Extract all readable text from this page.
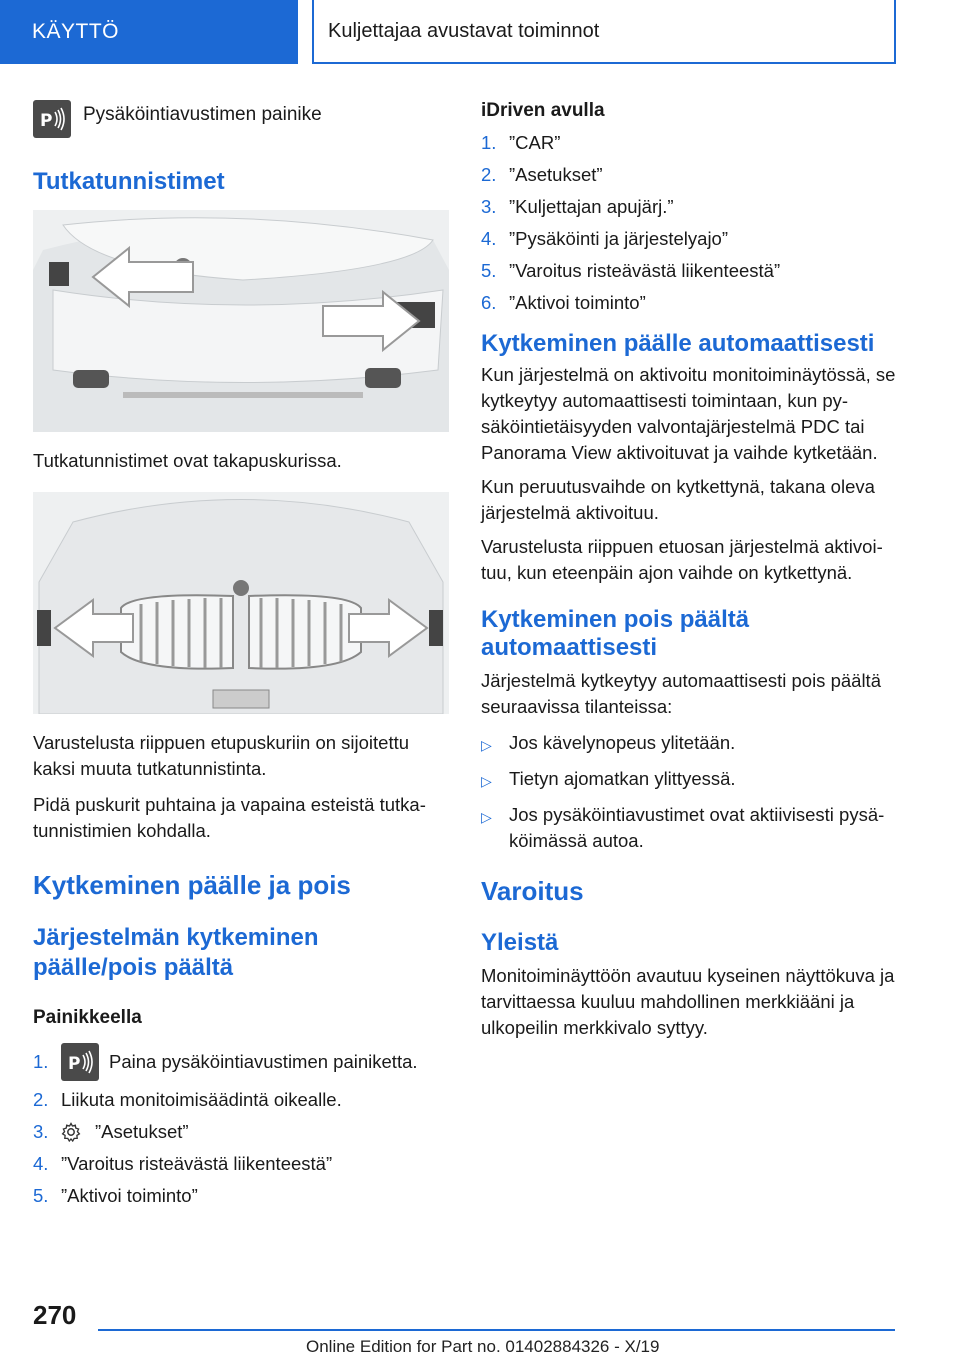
KÄYTTÖ	Kuljettajaa avustavat toiminnot
P Pysäköintiavustimen painike
Tutkatunnistimet

Tutkatunnistimet ovat takapuskurissa.

Varustelusta riippuen etupuskuriin on sijoitettu kaksi muuta tutkatunnistinta.

Pidä puskurit puhtaina ja vapaina esteistä tutka-tunnistimien kohdalla.

Kytkeminen päälle ja pois
Järjestelmän kytkeminen päälle/pois päältä
Painikkeella
1.	P Paina pysäköintiavustimen painiketta.
2. Liikuta monitoimisäädintä oikealle.
3.	”Asetukset”
4. ”Varoitus risteävästä liikenteestä”
5. ”Aktivoi toiminto”
iDriven avulla
1. ”CAR”
2. ”Asetukset”
3. ”Kuljettajan apujärj.”
4. ”Pysäköinti ja järjestelyajo”
5. ”Varoitus risteävästä liikenteestä”
6. ”Aktivoi toiminto”
Kytkeminen päälle automaattisesti

Kun järjestelmä on aktivoitu monitoiminäytössä, se kytkeytyy automaattisesti toimintaan, kun py-säköintietäisyyden valvontajärjestelmä PDC tai Panorama View aktivoituvat ja vaihde kytketään.

Kun peruutusvaihde on kytkettynä, takana oleva järjestelmä aktivoituu.

Varustelusta riippuen etuosan järjestelmä aktivoi-tuu, kun eteenpäin ajon vaihde on kytkettynä.

Kytkeminen pois päältä automaattisesti

Järjestelmä kytkeytyy automaattisesti pois päältä seuraavissa tilanteissa:

▷ Jos kävelynopeus ylitetään.
▷ Tietyn ajomatkan ylittyessä.
▷ Jos pysäköintiavustimet ovat aktiivisesti pysä-köimässä autoa.
Varoitus
Yleistä

Monitoiminäyttöön avautuu kyseinen näyttökuva ja tarvittaessa kuuluu mahdollinen merkkiääni ja ulkopeilin merkkivalo syttyy.

270
Online Edition for Part no. 01402884326 - X/19
